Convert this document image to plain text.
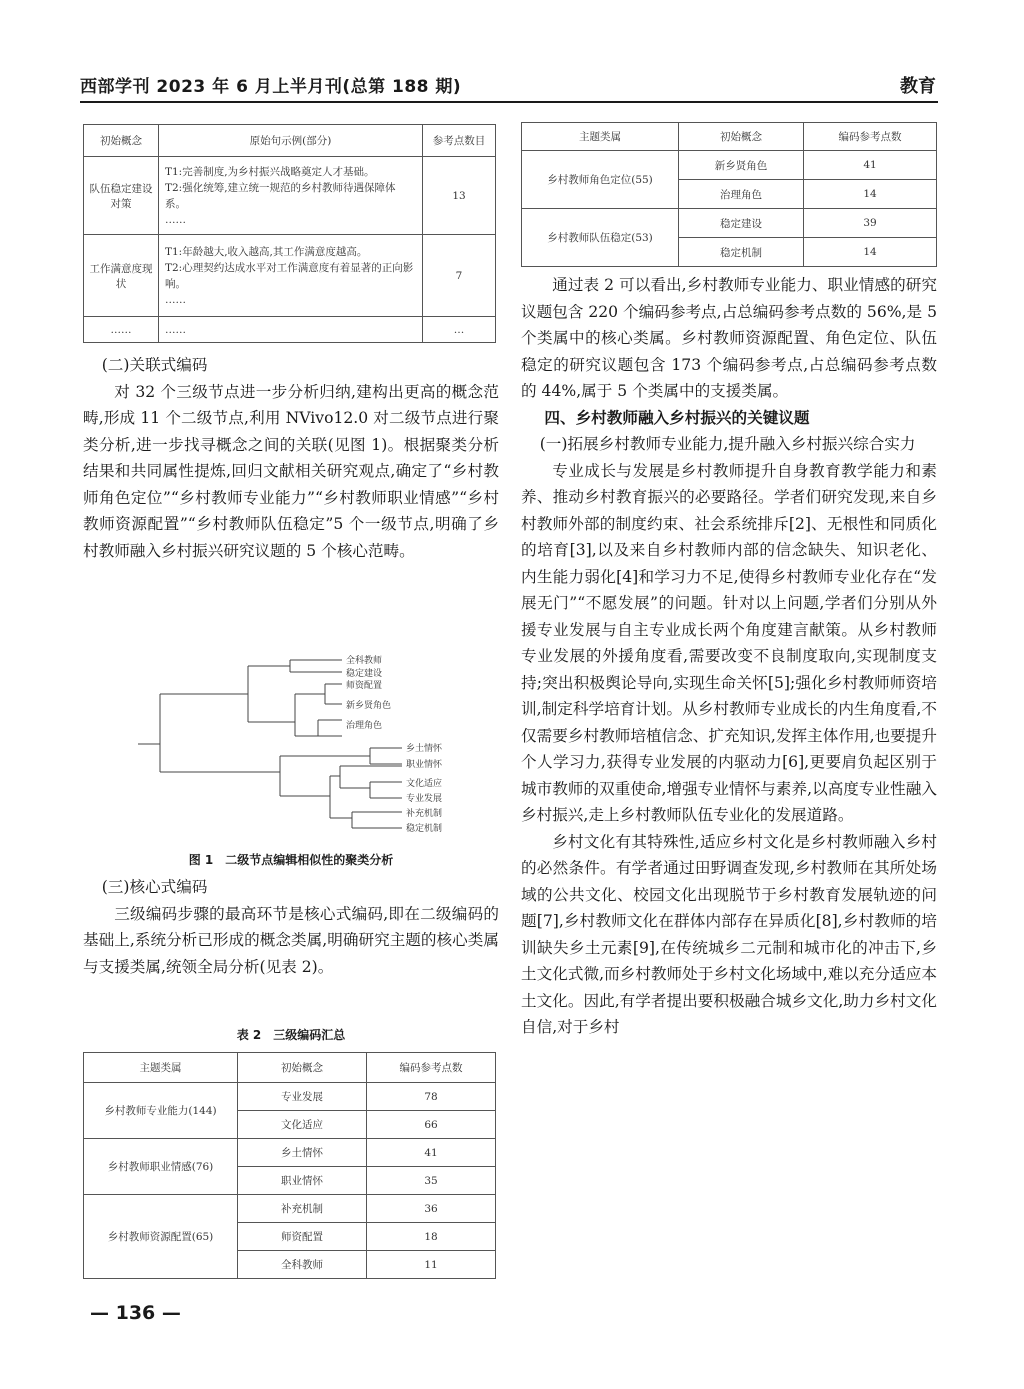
西部学刊 2023 年 6 月上半月刊(总第 188 期)	教育
初始概念	原始句示例(部分)	参考点数目
队伍稳定建设对策	T1:完善制度,为乡村振兴战略奠定人才基础。
T2:强化统筹,建立统一规范的乡村教师待遇保障体系。
……	13
工作满意度现状	T1:年龄越大,收入越高,其工作满意度越高。
T2:心理契约达成水平对工作满意度有着显著的正向影响。
……	7
……	……	…

(二)关联式编码

对 32 个三级节点进一步分析归纳,建构出更高的概念范畴,形成 11 个二级节点,利用 NVivo12.0 对二级节点进行聚类分析,进一步找寻概念之间的关联(见图 1)。根据聚类分析结果和共同属性提炼,回归文献相关研究观点,确定了“乡村教师角色定位”“乡村教师专业能力”“乡村教师职业情感”“乡村教师资源配置”“乡村教师队伍稳定”5 个一级节点,明确了乡村教师融入乡村振兴研究议题的 5 个核心范畴。

全科教师
稳定建设
师资配置
新乡贤角色
治理角色
乡土情怀
职业情怀
文化适应
专业发展
补充机制
稳定机制
图 1　二级节点编辑相似性的聚类分析

(三)核心式编码

三级编码步骤的最高环节是核心式编码,即在二级编码的基础上,系统分析已形成的概念类属,明确研究主题的核心类属与支援类属,统领全局分析(见表 2)。

表 2　三级编码汇总
主题类属	初始概念	编码参考点数
乡村教师专业能力(144)	专业发展	78
	文化适应	66
乡村教师职业情感(76)	乡土情怀	41
	职业情怀	35
乡村教师资源配置(65)	补充机制	36
	师资配置	18
	全科教师	11
主题类属	初始概念	编码参考点数
乡村教师角色定位(55)	新乡贤角色	41
	治理角色	14
乡村教师队伍稳定(53)	稳定建设	39
	稳定机制	14

通过表 2 可以看出,乡村教师专业能力、职业情感的研究议题包含 220 个编码参考点,占总编码参考点数的 56%,是 5 个类属中的核心类属。乡村教师资源配置、角色定位、队伍稳定的研究议题包含 173 个编码参考点,占总编码参考点数的 44%,属于 5 个类属中的支援类属。

四、乡村教师融入乡村振兴的关键议题

(一)拓展乡村教师专业能力,提升融入乡村振兴综合实力

专业成长与发展是乡村教师提升自身教育教学能力和素养、推动乡村教育振兴的必要路径。学者们研究发现,来自乡村教师外部的制度约束、社会系统排斥[2]、无根性和同质化的培育[3],以及来自乡村教师内部的信念缺失、知识老化、内生能力弱化[4]和学习力不足,使得乡村教师专业化存在“发展无门”“不愿发展”的问题。针对以上问题,学者们分别从外援专业发展与自主专业成长两个角度建言献策。从乡村教师专业发展的外援角度看,需要改变不良制度取向,实现制度支持;突出积极舆论导向,实现生命关怀[5];强化乡村教师师资培训,制定科学培育计划。从乡村教师专业成长的内生角度看,不仅需要乡村教师培植信念、扩充知识,发挥主体作用,也要提升个人学习力,获得专业发展的内驱动力[6],更要肩负起区别于城市教师的双重使命,增强专业情怀与素养,以高度专业性融入乡村振兴,走上乡村教师队伍专业化的发展道路。

乡村文化有其特殊性,适应乡村文化是乡村教师融入乡村的必然条件。有学者通过田野调查发现,乡村教师在其所处场域的公共文化、校园文化出现脱节于乡村教育发展轨迹的问题[7],乡村教师文化在群体内部存在异质化[8],乡村教师的培训缺失乡土元素[9],在传统城乡二元制和城市化的冲击下,乡土文化式微,而乡村教师处于乡村文化场域中,难以充分适应本土文化。因此,有学者提出要积极融合城乡文化,助力乡村文化自信,对于乡村

— 136 —
